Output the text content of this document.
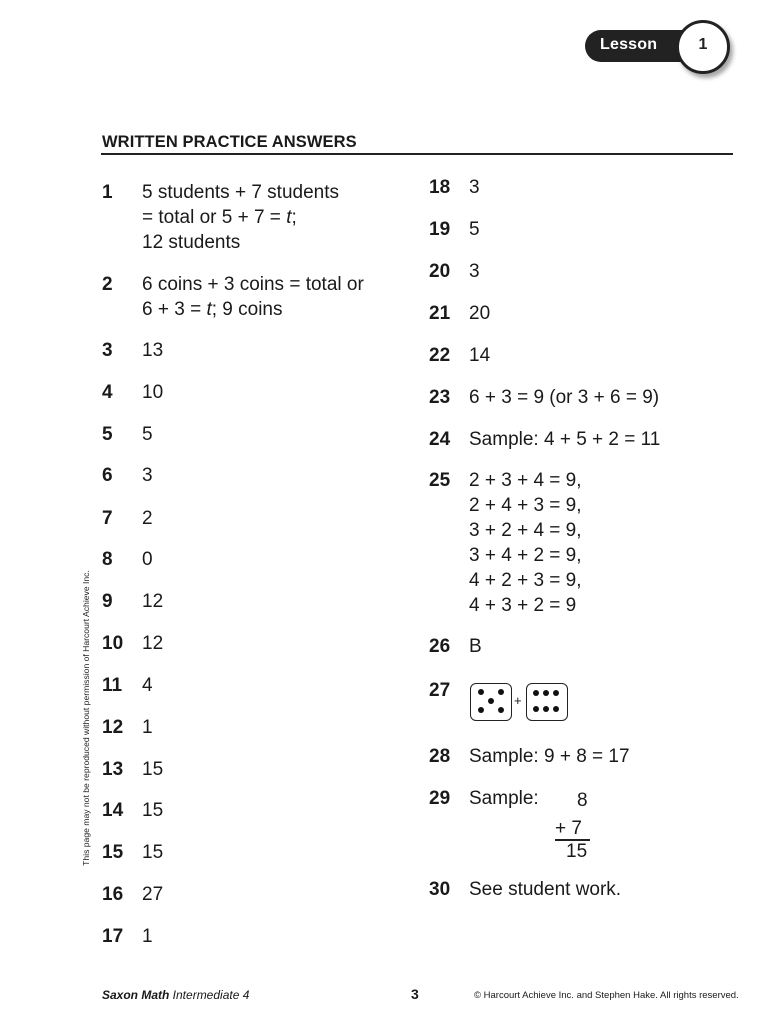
Lesson	1
WRITTEN PRACTICE ANSWERS
1 5 students + 7 students
= total or 5 + 7 = t;
12 students
2 6 coins + 3 coins = total or
6 + 3 = t; 9 coins
3 13
4 10
5 5
6 3
7 2
8 0
9 12
10 12
11 4
12 1
13 15
14 15
15 15
16 27
17 1
18 3
19 5
20 3
21 20
22 14
23 6 + 3 = 9 (or 3 + 6 = 9)
24 Sample: 4 + 5 + 2 = 11
25 2 + 3 + 4 = 9,
2 + 4 + 3 = 9,
3 + 2 + 4 = 9,
3 + 4 + 2 = 9,
4 + 2 + 3 = 9,
4 + 3 + 2 = 9
26 B
27	+
28 Sample: 9 + 8 = 17
29 Sample: 8
+ 7
15
30 See student work.
This page may not be reproduced without permission of Harcourt Achieve Inc.
Saxon Math Intermediate 4	3	© Harcourt Achieve Inc. and Stephen Hake. All rights reserved.
